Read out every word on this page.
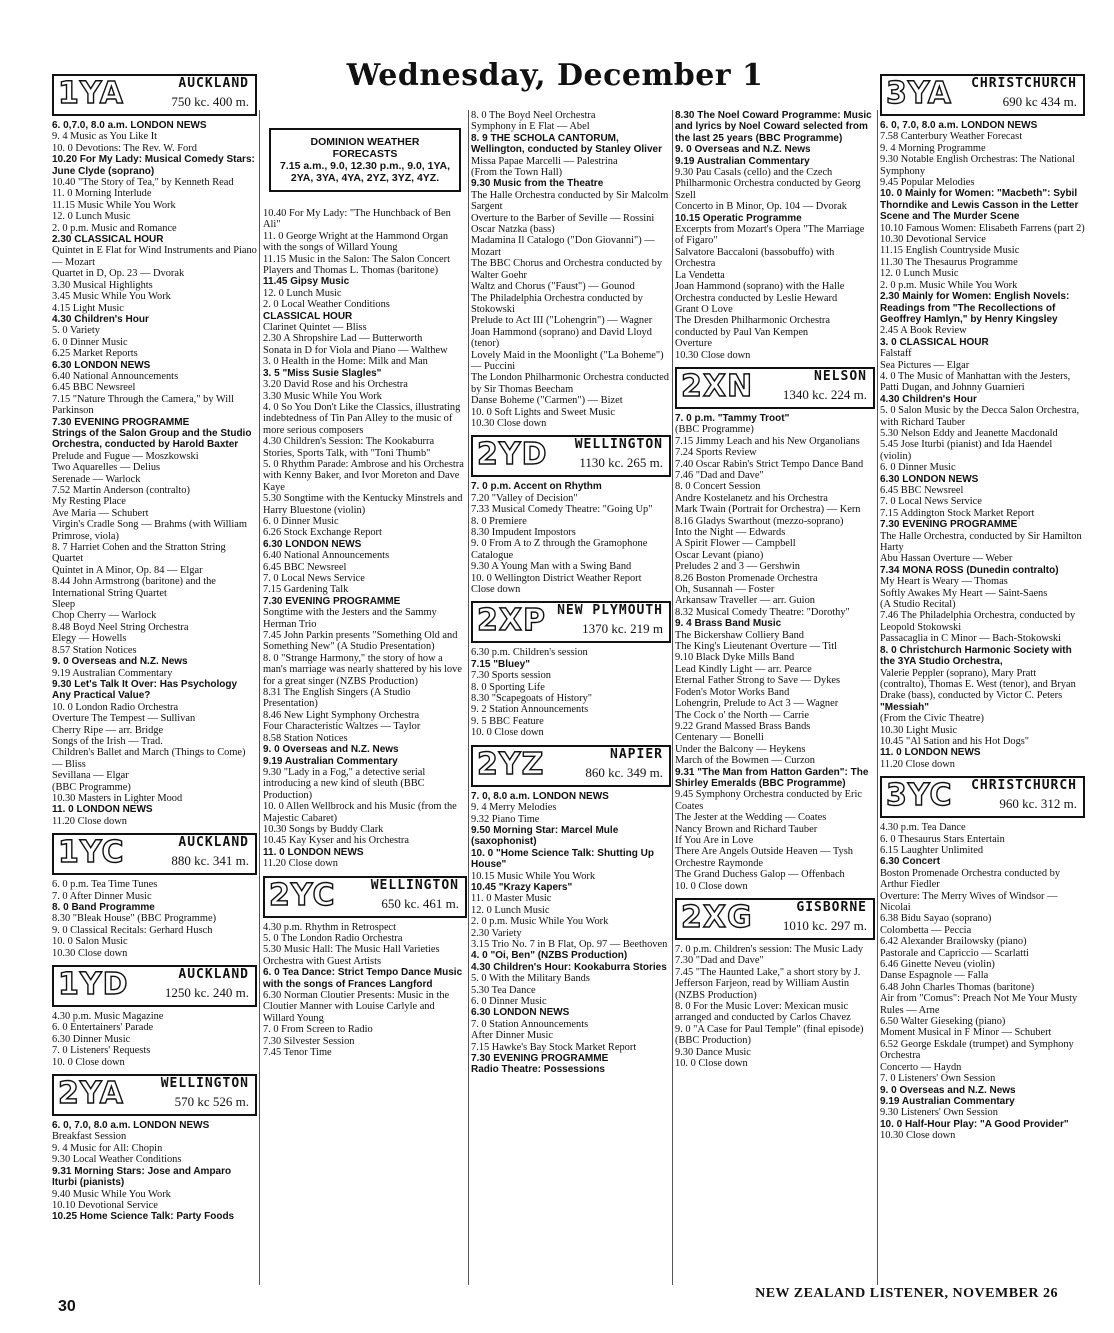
Wednesday, December 1
1YA	AUCKLAND
750 kc. 400 m.
6. 0,7.0, 8.0 a.m. LONDON NEWS
9. 4 Music as You Like It
10. 0 Devotions: The Rev. W. Ford
10.20 For My Lady: Musical Comedy Stars: June Clyde (soprano)
10.40 "The Story of Tea," by Kenneth Read
11. 0 Morning Interlude
11.15 Music While You Work
12. 0 Lunch Music
2. 0 p.m. Music and Romance
2.30 CLASSICAL HOUR
Quintet in E Flat for Wind Instruments and Piano — Mozart
Quartet in D, Op. 23 — Dvorak
3.30 Musical Highlights
3.45 Music While You Work
4.15 Light Music
4.30 Children's Hour
5. 0 Variety
6. 0 Dinner Music
6.25 Market Reports
6.30 LONDON NEWS
6.40 National Announcements
6.45 BBC Newsreel
7.15 "Nature Through the Camera," by Will Parkinson
7.30 EVENING PROGRAMME
Strings of the Salon Group and the Studio Orchestra, conducted by Harold Baxter
Prelude and Fugue — Moszkowski
Two Aquarelles — Delius
Serenade — Warlock
7.52 Martin Anderson (contralto)
My Resting Place
Ave Maria — Schubert
Virgin's Cradle Song — Brahms (with William Primrose, viola)
8. 7 Harriet Cohen and the Stratton String Quartet
Quintet in A Minor, Op. 84 — Elgar
8.44 John Armstrong (baritone) and the International String Quartet
Sleep
Chop Cherry — Warlock
8.48 Boyd Neel String Orchestra
Elegy — Howells
8.57 Station Notices
9. 0 Overseas and N.Z. News
9.19 Australian Commentary
9.30 Let's Talk It Over: Has Psychology Any Practical Value?
10. 0 London Radio Orchestra
Overture The Tempest — Sullivan
Cherry Ripe — arr. Bridge
Songs of the Irish — Trad.
Children's Ballet and March (Things to Come) — Bliss
Sevillana — Elgar
(BBC Programme)
10.30 Masters in Lighter Mood
11. 0 LONDON NEWS
11.20 Close down
1YC	AUCKLAND
880 kc. 341 m.
6. 0 p.m. Tea Time Tunes
7. 0 After Dinner Music
8. 0 Band Programme
8.30 "Bleak House" (BBC Programme)
9. 0 Classical Recitals: Gerhard Husch
10. 0 Salon Music
10.30 Close down
1YD	AUCKLAND
1250 kc. 240 m.
4.30 p.m. Music Magazine
6. 0 Entertainers' Parade
6.30 Dinner Music
7. 0 Listeners' Requests
10. 0 Close down
2YA	WELLINGTON
570 kc 526 m.
6. 0, 7.0, 8.0 a.m. LONDON NEWS
Breakfast Session
9. 4 Music for All: Chopin
9.30 Local Weather Conditions
9.31 Morning Stars: Jose and Amparo Iturbi (pianists)
9.40 Music While You Work
10.10 Devotional Service
10.25 Home Science Talk: Party Foods
DOMINION WEATHER FORECASTS
7.15 a.m., 9.0, 12.30 p.m., 9.0, 1YA, 2YA, 3YA, 4YA, 2YZ, 3YZ, 4YZ.
10.40 For My Lady: "The Hunchback of Ben Ali"
11. 0 George Wright at the Hammond Organ with the songs of Willard Young
11.15 Music in the Salon: The Salon Concert Players and Thomas L. Thomas (baritone)
11.45 Gipsy Music
12. 0 Lunch Music
2. 0 Local Weather Conditions
CLASSICAL HOUR
Clarinet Quintet — Bliss
2.30 A Shropshire Lad — Butterworth
Sonata in D for Viola and Piano — Walthew
3. 0 Health in the Home: Milk and Man
3. 5 "Miss Susie Slagles"
3.20 David Rose and his Orchestra
3.30 Music While You Work
4. 0 So You Don't Like the Classics, illustrating indebtedness of Tin Pan Alley to the music of more serious composers
4.30 Children's Session: The Kookaburra Stories, Sports Talk, with "Toni Thumb"
5. 0 Rhythm Parade: Ambrose and his Orchestra with Kenny Baker, and Ivor Moreton and Dave Kaye
5.30 Songtime with the Kentucky Minstrels and Harry Bluestone (violin)
6. 0 Dinner Music
6.26 Stock Exchange Report
6.30 LONDON NEWS
6.40 National Announcements
6.45 BBC Newsreel
7. 0 Local News Service
7.15 Gardening Talk
7.30 EVENING PROGRAMME
Songtime with the Jesters and the Sammy Herman Trio
7.45 John Parkin presents "Something Old and Something New" (A Studio Presentation)
8. 0 "Strange Harmony," the story of how a man's marriage was nearly shattered by his love for a great singer (NZBS Production)
8.31 The English Singers (A Studio Presentation)
8.46 New Light Symphony Orchestra
Four Characteristic Waltzes — Taylor
8.58 Station Notices
9. 0 Overseas and N.Z. News
9.19 Australian Commentary
9.30 "Lady in a Fog," a detective serial introducing a new kind of sleuth (BBC Production)
10. 0 Allen Wellbrock and his Music (from the Majestic Cabaret)
10.30 Songs by Buddy Clark
10.45 Kay Kyser and his Orchestra
11. 0 LONDON NEWS
11.20 Close down
2YC	WELLINGTON
650 kc. 461 m.
4.30 p.m. Rhythm in Retrospect
5. 0 The London Radio Orchestra
5.30 Music Hall: The Music Hall Varieties Orchestra with Guest Artists
6. 0 Tea Dance: Strict Tempo Dance Music with the songs of Frances Langford
6.30 Norman Cloutier Presents: Music in the Cloutier Manner with Louise Carlyle and Willard Young
7. 0 From Screen to Radio
7.30 Silvester Session
7.45 Tenor Time
8. 0 The Boyd Neel Orchestra
Symphony in E Flat — Abel
8. 9 THE SCHOLA CANTORUM, Wellington, conducted by Stanley Oliver
Missa Papae Marcelli — Palestrina
(From the Town Hall)
9.30 Music from the Theatre
The Halle Orchestra conducted by Sir Malcolm Sargent
Overture to the Barber of Seville — Rossini
Oscar Natzka (bass)
Madamina Il Catalogo ("Don Giovanni") — Mozart
The BBC Chorus and Orchestra conducted by Walter Goehr
Waltz and Chorus ("Faust") — Gounod
The Philadelphia Orchestra conducted by Stokowski
Prelude to Act III ("Lohengrin") — Wagner
Joan Hammond (soprano) and David Lloyd (tenor)
Lovely Maid in the Moonlight ("La Boheme") — Puccini
The London Philharmonic Orchestra conducted by Sir Thomas Beecham
Danse Boheme ("Carmen") — Bizet
10. 0 Soft Lights and Sweet Music
10.30 Close down
2YD WELLINGTON
1130 kc. 265 m.
7. 0 p.m. Accent on Rhythm
7.20 "Valley of Decision"
7.33 Musical Comedy Theatre: "Going Up"
8. 0 Premiere
8.30 Impudent Impostors
9. 0 From A to Z through the Gramophone Catalogue
9.30 A Young Man with a Swing Band
10. 0 Wellington District Weather Report
Close down
2XP NEW PLYMOUTH
1370 kc. 219 m
6.30 p.m. Children's session
7.15 "Bluey"
7.30 Sports session
8. 0 Sporting Life
8.30 "Scapegoats of History"
9. 2 Station Announcements
9. 5 BBC Feature
10. 0 Close down
2YZ	NAPIER
860 kc. 349 m.
7. 0, 8.0 a.m. LONDON NEWS
9. 4 Merry Melodies
9.32 Piano Time
9.50 Morning Star: Marcel Mule (saxophonist)
10. 0 "Home Science Talk: Shutting Up House"
10.15 Music While You Work
10.45 "Krazy Kapers"
11. 0 Master Music
12. 0 Lunch Music
2. 0 p.m. Music While You Work
2.30 Variety
3.15 Trio No. 7 in B Flat, Op. 97 — Beethoven
4. 0 "Oi, Ben" (NZBS Production)
4.30 Children's Hour: Kookaburra Stories
5. 0 With the Military Bands
5.30 Tea Dance
6. 0 Dinner Music
6.30 LONDON NEWS
7. 0 Station Announcements
After Dinner Music
7.15 Hawke's Bay Stock Market Report
7.30 EVENING PROGRAMME
Radio Theatre: Possessions
8.30 The Noel Coward Programme: Music and lyrics by Noel Coward selected from the last 25 years (BBC Programme)
9. 0 Overseas and N.Z. News
9.19 Australian Commentary
9.30 Pau Casals (cello) and the Czech Philharmonic Orchestra conducted by Georg Szell
Concerto in B Minor, Op. 104 — Dvorak
10.15 Operatic Programme
Excerpts from Mozart's Opera "The Marriage of Figaro"
Salvatore Baccaloni (bassobuffo) with Orchestra
La Vendetta
Joan Hammond (soprano) with the Halle Orchestra conducted by Leslie Heward
Grant O Love
The Dresden Philharmonic Orchestra conducted by Paul Van Kempen
Overture
10.30 Close down
2XN	NELSON
1340 kc. 224 m.
7. 0 p.m. "Tammy Troot"
(BBC Programme)
7.15 Jimmy Leach and his New Organolians
7.24 Sports Review
7.40 Oscar Rabin's Strict Tempo Dance Band
7.46 "Dad and Dave"
8. 0 Concert Session
Andre Kostelanetz and his Orchestra
Mark Twain (Portrait for Orchestra) — Kern
8.16 Gladys Swarthout (mezzo-soprano)
Into the Night — Edwards
A Spirit Flower — Campbell
Oscar Levant (piano)
Preludes 2 and 3 — Gershwin
8.26 Boston Promenade Orchestra
Oh, Susannah — Foster
Arkansaw Traveller — arr. Guion
8.32 Musical Comedy Theatre: "Dorothy"
9. 4 Brass Band Music
The Bickershaw Colliery Band
The King's Lieutenant Overture — Titl
9.10 Black Dyke Mills Band
Lead Kindly Light — arr. Pearce
Eternal Father Strong to Save — Dykes
Foden's Motor Works Band
Lohengrin, Prelude to Act 3 — Wagner
The Cock o' the North — Carrie
9.22 Grand Massed Brass Bands
Centenary — Bonelli
Under the Balcony — Heykens
March of the Bowmen — Curzon
9.31 "The Man from Hatton Garden": The Shirley Emeralds (BBC Programme)
9.45 Symphony Orchestra conducted by Eric Coates
The Jester at the Wedding — Coates
Nancy Brown and Richard Tauber
If You Are in Love
There Are Angels Outside Heaven — Tysh
Orchestre Raymonde
The Grand Duchess Galop — Offenbach
10. 0 Close down
2XG	GISBORNE
1010 kc. 297 m.
7. 0 p.m. Children's session: The Music Lady
7.30 "Dad and Dave"
7.45 "The Haunted Lake," a short story by J. Jefferson Farjeon, read by William Austin (NZBS Production)
8. 0 For the Music Lover: Mexican music arranged and conducted by Carlos Chavez
9. 0 "A Case for Paul Temple" (final episode) (BBC Production)
9.30 Dance Music
10. 0 Close down
3YA CHRISTCHURCH
690 kc 434 m.
6. 0, 7.0, 8.0 a.m. LONDON NEWS
7.58 Canterbury Weather Forecast
9. 4 Morning Programme
9.30 Notable English Orchestras: The National Symphony
9.45 Popular Melodies
10. 0 Mainly for Women: "Macbeth": Sybil Thorndike and Lewis Casson in the Letter Scene and The Murder Scene
10.10 Famous Women: Elisabeth Farrens (part 2)
10.30 Devotional Service
11.15 English Countryside Music
11.30 The Thesaurus Programme
12. 0 Lunch Music
2. 0 p.m. Music While You Work
2.30 Mainly for Women: English Novels: Readings from "The Recollections of Geoffrey Hamlyn," by Henry Kingsley
2.45 A Book Review
3. 0 CLASSICAL HOUR
Falstaff
Sea Pictures — Elgar
4. 0 The Music of Manhattan with the Jesters, Patti Dugan, and Johnny Guarnieri
4.30 Children's Hour
5. 0 Salon Music by the Decca Salon Orchestra, with Richard Tauber
5.30 Nelson Eddy and Jeanette Macdonald
5.45 Jose Iturbi (pianist) and Ida Haendel (violin)
6. 0 Dinner Music
6.30 LONDON NEWS
6.45 BBC Newsreel
7. 0 Local News Service
7.15 Addington Stock Market Report
7.30 EVENING PROGRAMME
The Halle Orchestra, conducted by Sir Hamilton Harty
Abu Hassan Overture — Weber
7.34 MONA ROSS (Dunedin contralto)
My Heart is Weary — Thomas
Softly Awakes My Heart — Saint-Saens
(A Studio Recital)
7.46 The Philadelphia Orchestra, conducted by Leopold Stokowski
Passacaglia in C Minor — Bach-Stokowski
8. 0 Christchurch Harmonic Society with the 3YA Studio Orchestra,
Valerie Peppler (soprano), Mary Pratt (contralto), Thomas E. West (tenor), and Bryan Drake (bass), conducted by Victor C. Peters
"Messiah"
(From the Civic Theatre)
10.30 Light Music
10.45 "Al Sation and his Hot Dogs"
11. 0 LONDON NEWS
11.20 Close down
3YC CHRISTCHURCH
960 kc. 312 m.
4.30 p.m. Tea Dance
6. 0 Thesaurus Stars Entertain
6.15 Laughter Unlimited
6.30 Concert
Boston Promenade Orchestra conducted by Arthur Fiedler
Overture: The Merry Wives of Windsor — Nicolai
6.38 Bidu Sayao (soprano)
Colombetta — Peccia
6.42 Alexander Brailowsky (piano)
Pastorale and Capriccio — Scarlatti
6.46 Ginette Neveu (violin)
Danse Espagnole — Falla
6.48 John Charles Thomas (baritone)
Air from "Comus": Preach Not Me Your Musty Rules — Arne
6.50 Walter Gieseking (piano)
Moment Musical in F Minor — Schubert
6.52 George Eskdale (trumpet) and Symphony Orchestra
Concerto — Haydn
7. 0 Listeners' Own Session
9. 0 Overseas and N.Z. News
9.19 Australian Commentary
9.30 Listeners' Own Session
10. 0 Half-Hour Play: "A Good Provider"
10.30 Close down
30
NEW ZEALAND LISTENER, NOVEMBER 26
